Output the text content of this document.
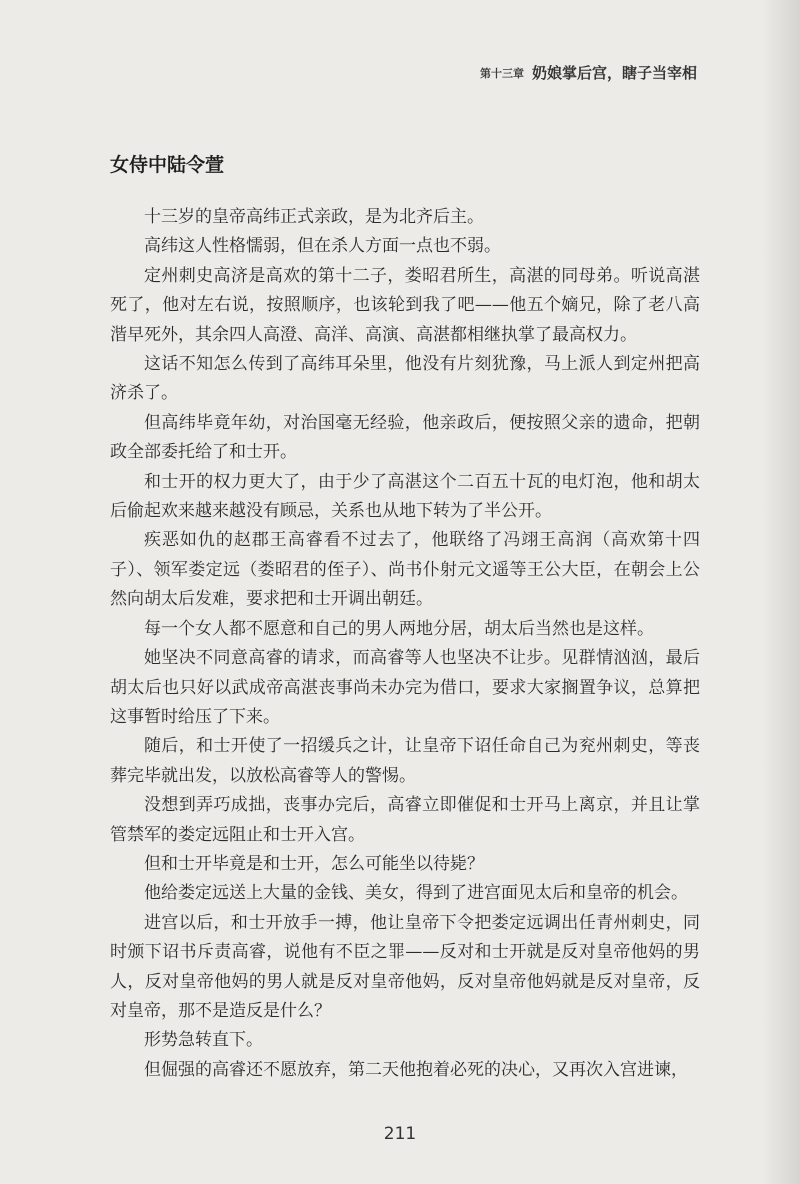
第十三章 奶娘掌后宫，瞎子当宰相
女侍中陆令萱

十三岁的皇帝高纬正式亲政，是为北齐后主。

高纬这人性格懦弱，但在杀人方面一点也不弱。

定州刺史高济是高欢的第十二子，娄昭君所生，高湛的同母弟。听说高湛死了，他对左右说，按照顺序，也该轮到我了吧——他五个嫡兄，除了老八高湝早死外，其余四人高澄、高洋、高演、高湛都相继执掌了最高权力。

这话不知怎么传到了高纬耳朵里，他没有片刻犹豫，马上派人到定州把高济杀了。

但高纬毕竟年幼，对治国毫无经验，他亲政后，便按照父亲的遗命，把朝政全部委托给了和士开。

和士开的权力更大了，由于少了高湛这个二百五十瓦的电灯泡，他和胡太后偷起欢来越来越没有顾忌，关系也从地下转为了半公开。

疾恶如仇的赵郡王高睿看不过去了，他联络了冯翊王高润（高欢第十四子）、领军娄定远（娄昭君的侄子）、尚书仆射元文遥等王公大臣，在朝会上公然向胡太后发难，要求把和士开调出朝廷。

每一个女人都不愿意和自己的男人两地分居，胡太后当然也是这样。

她坚决不同意高睿的请求，而高睿等人也坚决不让步。见群情汹汹，最后胡太后也只好以武成帝高湛丧事尚未办完为借口，要求大家搁置争议，总算把这事暂时给压了下来。

随后，和士开使了一招缓兵之计，让皇帝下诏任命自己为兖州刺史，等丧葬完毕就出发，以放松高睿等人的警惕。

没想到弄巧成拙，丧事办完后，高睿立即催促和士开马上离京，并且让掌管禁军的娄定远阻止和士开入宫。

但和士开毕竟是和士开，怎么可能坐以待毙？

他给娄定远送上大量的金钱、美女，得到了进宫面见太后和皇帝的机会。

进宫以后，和士开放手一搏，他让皇帝下令把娄定远调出任青州刺史，同时颁下诏书斥责高睿，说他有不臣之罪——反对和士开就是反对皇帝他妈的男人，反对皇帝他妈的男人就是反对皇帝他妈，反对皇帝他妈就是反对皇帝，反对皇帝，那不是造反是什么？

形势急转直下。

但倔强的高睿还不愿放弃，第二天他抱着必死的决心，又再次入宫进谏，

211
